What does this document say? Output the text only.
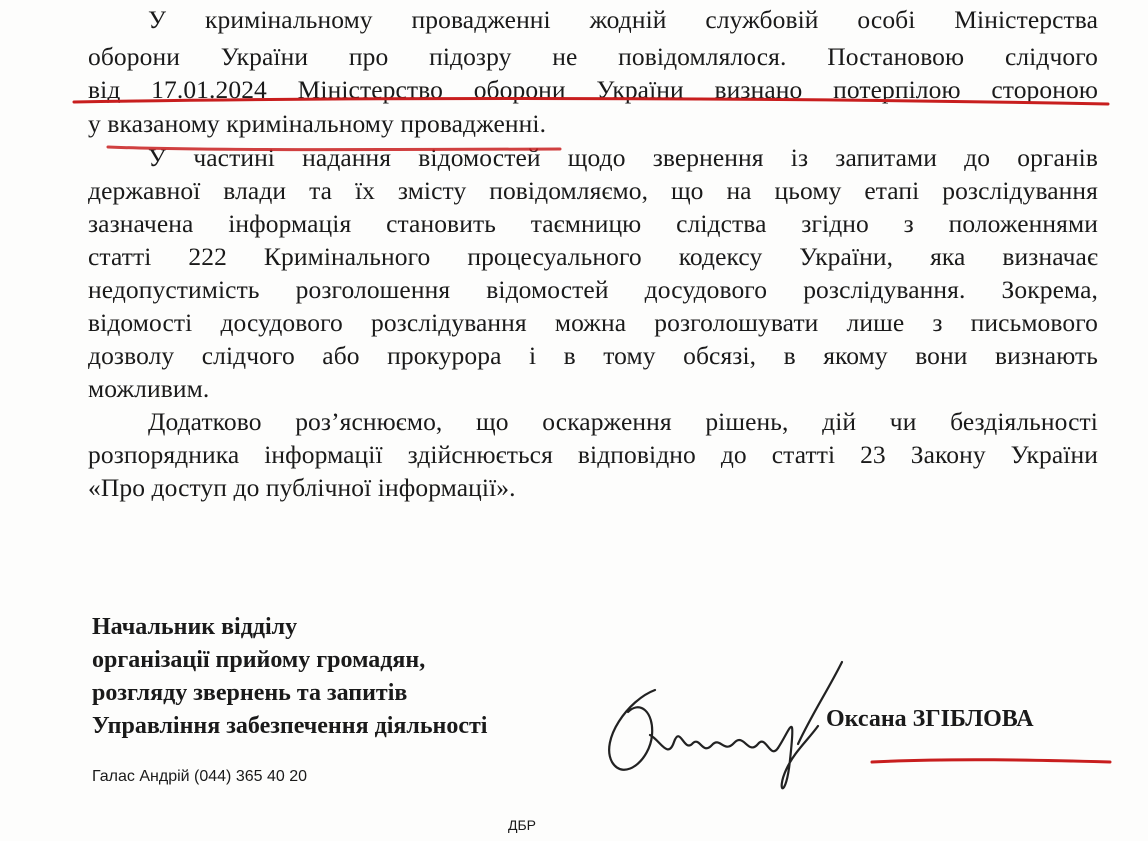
У кримінальному провадженні жодній службовій особі Міністерства
оборони України про підозру не повідомлялося. Постановою слідчого
від 17.01.2024 Міністерство оборони України визнано потерпілою стороною
у вказаному кримінальному провадженні.
У частині надання відомостей щодо звернення із запитами до органів
державної влади та їх змісту повідомляємо, що на цьому етапі розслідування
зазначена інформація становить таємницю слідства згідно з положеннями
статті 222 Кримінального процесуального кодексу України, яка визначає
недопустимість розголошення відомостей досудового розслідування. Зокрема,
відомості досудового розслідування можна розголошувати лише з письмового
дозволу слідчого або прокурора і в тому обсязі, в якому вони визнають
можливим.
Додатково роз’яснюємо, що оскарження рішень, дій чи бездіяльності
розпорядника інформації здійснюється відповідно до статті 23 Закону України
«Про доступ до публічної інформації».
Начальник відділу
організації прийому громадян,
розгляду звернень та запитів
Управління забезпечення діяльності	Оксана ЗГІБЛОВА
Галас Андрій (044) 365 40 20
ДБР
